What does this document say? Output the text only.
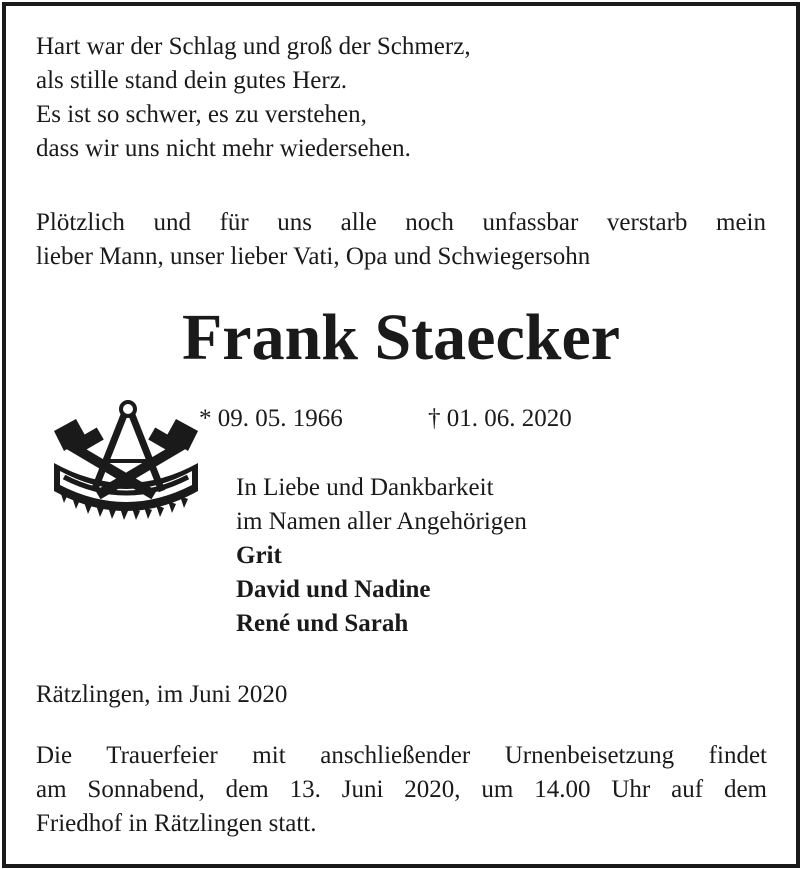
Hart war der Schlag und groß der Schmerz,
als stille stand dein gutes Herz.
Es ist so schwer, es zu verstehen,
dass wir uns nicht mehr wiedersehen.
Plötzlich und für uns alle noch unfassbar verstarb mein
lieber Mann, unser lieber Vati, Opa und Schwiegersohn
Frank Staecker
* 09. 05. 1966	† 01. 06. 2020
In Liebe und Dankbarkeit
im Namen aller Angehörigen
Grit
David und Nadine
René und Sarah
Rätzlingen, im Juni 2020
Die Trauerfeier mit anschließender Urnenbeisetzung findet
am Sonnabend, dem 13. Juni 2020, um 14.00 Uhr auf dem
Friedhof in Rätzlingen statt.
